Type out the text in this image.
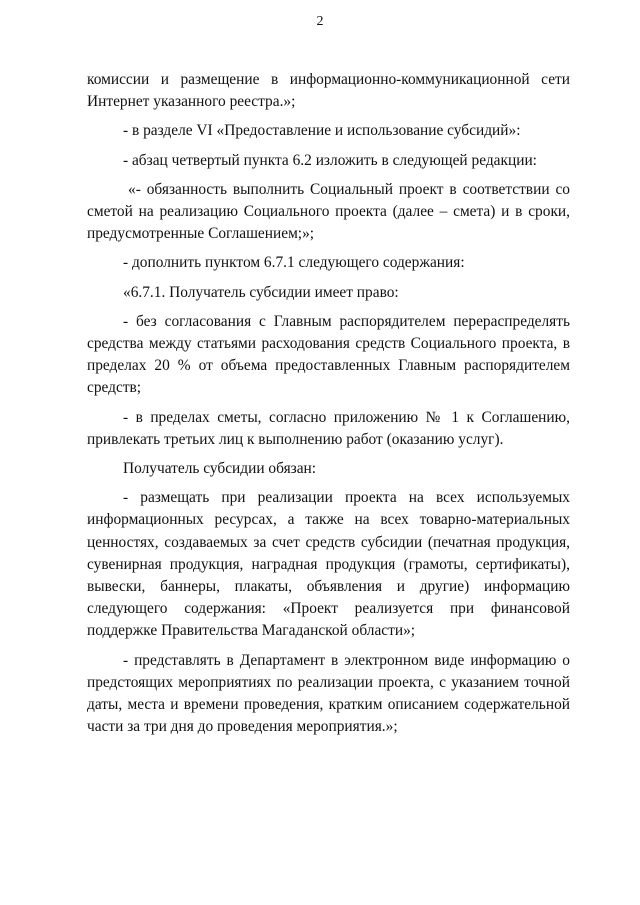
2

комиссии и размещение в информационно-коммуникационной сети Интернет указанного реестра.»;

- в разделе VI «Предоставление и использование субсидий»:

- абзац четвертый пункта 6.2 изложить в следующей редакции:

«- обязанность выполнить Социальный проект в соответствии со сметой на реализацию Социального проекта (далее – смета) и в сроки, предусмотренные Соглашением;»;

- дополнить пунктом 6.7.1 следующего содержания:

«6.7.1. Получатель субсидии имеет право:

- без согласования с Главным распорядителем перераспределять средства между статьями расходования средств Социального проекта, в пределах 20 % от объема предоставленных Главным распорядителем средств;

- в пределах сметы, согласно приложению № 1 к Соглашению, привлекать третьих лиц к выполнению работ (оказанию услуг).

Получатель субсидии обязан:

- размещать при реализации проекта на всех используемых информационных ресурсах, а также на всех товарно-материальных ценностях, создаваемых за счет средств субсидии (печатная продукция, сувенирная продукция, наградная продукция (грамоты, сертификаты), вывески, баннеры, плакаты, объявления и другие) информацию следующего содержания: «Проект реализуется при финансовой поддержке Правительства Магаданской области»;

- представлять в Департамент в электронном виде информацию о предстоящих мероприятиях по реализации проекта, с указанием точной даты, места и времени проведения, кратким описанием содержательной части за три дня до проведения мероприятия.»;
